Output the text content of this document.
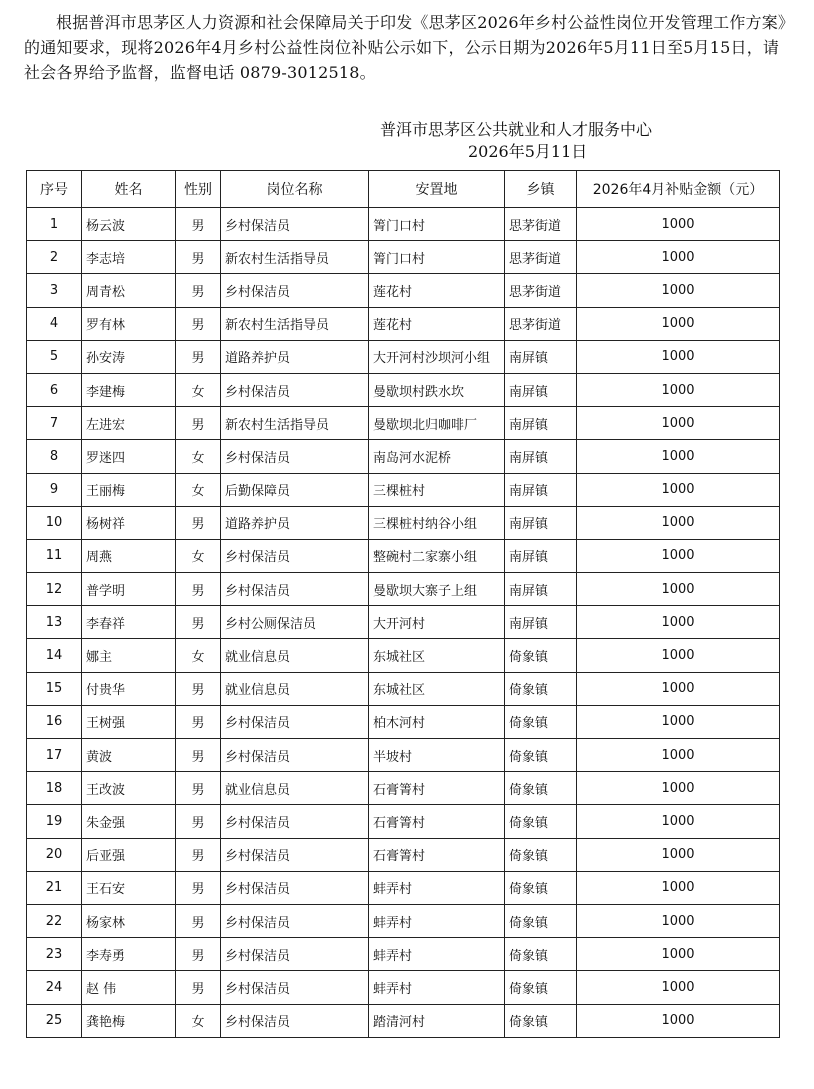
根据普洱市思茅区人力资源和社会保障局关于印发《思茅区2026年乡村公益性岗位开发管理工作方案》的通知要求，现将2026年4月乡村公益性岗位补贴公示如下，公示日期为2026年5月11日至5月15日，请社会各界给予监督，监督电话 0879-3012518。

普洱市思茅区公共就业和人才服务中心
2026年5月11日
序号	姓名	性别	岗位名称	安置地	乡镇	2026年4月补贴金额（元）
1	杨云波	男	乡村保洁员	箐门口村	思茅街道	1000
2	李志培	男	新农村生活指导员	箐门口村	思茅街道	1000
3	周青松	男	乡村保洁员	莲花村	思茅街道	1000
4	罗有林	男	新农村生活指导员	莲花村	思茅街道	1000
5	孙安涛	男	道路养护员	大开河村沙坝河小组	南屏镇	1000
6	李建梅	女	乡村保洁员	曼歇坝村跌水坎	南屏镇	1000
7	左进宏	男	新农村生活指导员	曼歇坝北归咖啡厂	南屏镇	1000
8	罗迷四	女	乡村保洁员	南岛河水泥桥	南屏镇	1000
9	王丽梅	女	后勤保障员	三棵桩村	南屏镇	1000
10	杨树祥	男	道路养护员	三棵桩村纳谷小组	南屏镇	1000
11	周燕	女	乡村保洁员	整碗村二家寨小组	南屏镇	1000
12	普学明	男	乡村保洁员	曼歇坝大寨子上组	南屏镇	1000
13	李春祥	男	乡村公厕保洁员	大开河村	南屏镇	1000
14	娜主	女	就业信息员	东城社区	倚象镇	1000
15	付贵华	男	就业信息员	东城社区	倚象镇	1000
16	王树强	男	乡村保洁员	柏木河村	倚象镇	1000
17	黄波	男	乡村保洁员	半坡村	倚象镇	1000
18	王改波	男	就业信息员	石膏箐村	倚象镇	1000
19	朱金强	男	乡村保洁员	石膏箐村	倚象镇	1000
20	后亚强	男	乡村保洁员	石膏箐村	倚象镇	1000
21	王石安	男	乡村保洁员	蚌弄村	倚象镇	1000
22	杨家林	男	乡村保洁员	蚌弄村	倚象镇	1000
23	李寿勇	男	乡村保洁员	蚌弄村	倚象镇	1000
24	赵 伟	男	乡村保洁员	蚌弄村	倚象镇	1000
25	龚艳梅	女	乡村保洁员	踏清河村	倚象镇	1000
